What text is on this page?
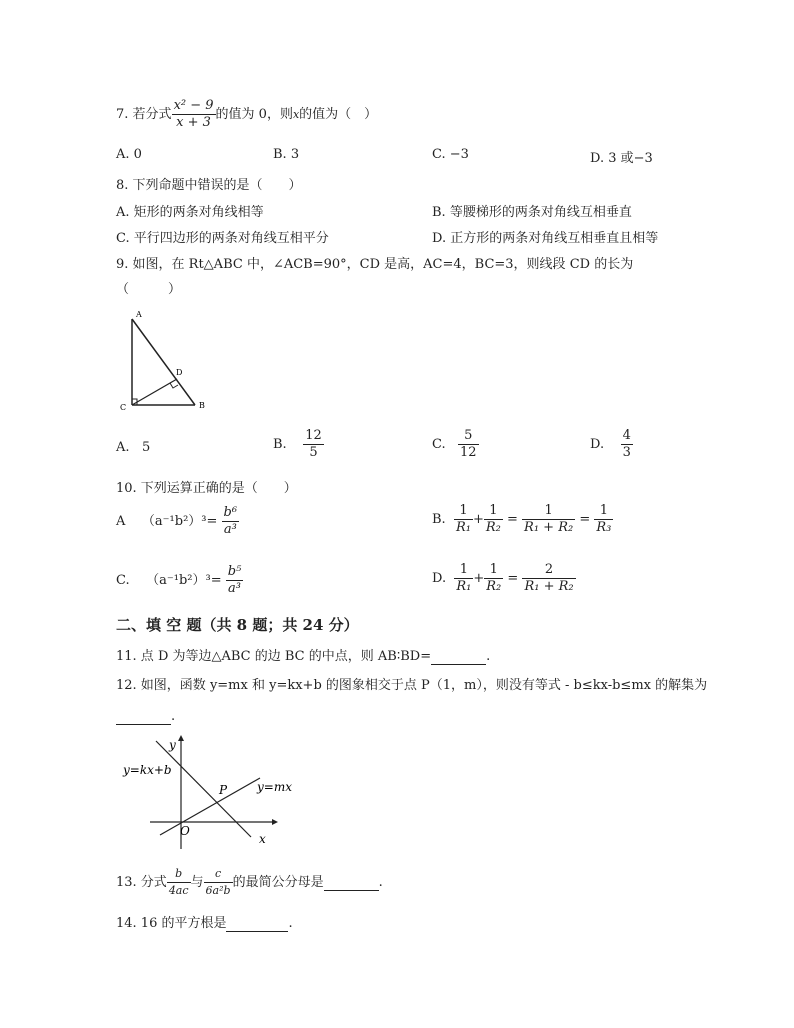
7. 若分式 $\frac{\text{x² − 9}}{x + 3}$ 的值为 0，则x的值为（　）
A. 0	B. 3	C. −3	D. 3 或−3
8. 下列命题中错误的是（　　）
A. 矩形的两条对角线相等	B. 等腰梯形的两条对角线互相垂直
C. 平行四边形的两条对角线互相平分	D. 正方形的两条对角线互相垂直且相等
9. 如图，在 Rt△ABC 中，∠ACB=90°，CD 是高，AC=4，BC=3，则线段 CD 的长为
（　　　）
A
D
C	B
A. 5	B. $\frac{12}{5}$	C. $\frac{5}{12}$	D. $\frac{4}{3}$
10. 下列运算正确的是（　　）
A $(a^{-1}b^2)^3= \frac{\text{b⁶}}{\text{a³}}$	B. $\frac{1}{\text{R₁}} + \frac{1}{\text{R₂}} = \frac{1}{\text{R₁ + R₂}} = \frac{1}{\text{R₃}}$
C. $(a^{-1}b^2)^3= \frac{\text{b⁵}}{\text{a³}}$	D. $\frac{1}{\text{R₁}} + \frac{1}{\text{R₂}} = \frac{2}{\text{R₁ + R₂}}$
二、填 空 题（共 8 题；共 24 分）
11. 点 D 为等边△ABC 的边 BC 的中点，则 AB∶BD=	.
12. 如图，函数 y=mx 和 y=kx+b 的图象相交于点 P（1，m），则没有等式 - b≤kx-b≤mx 的解集为
.
y
x
O
P
y=kx+b
y=mx
13. 分式 $\frac{b}{4ac}$ 与 $\frac{c}{\text{6a²b}}$ 的最简公分母是	.
14. 16 的平方根是	.
